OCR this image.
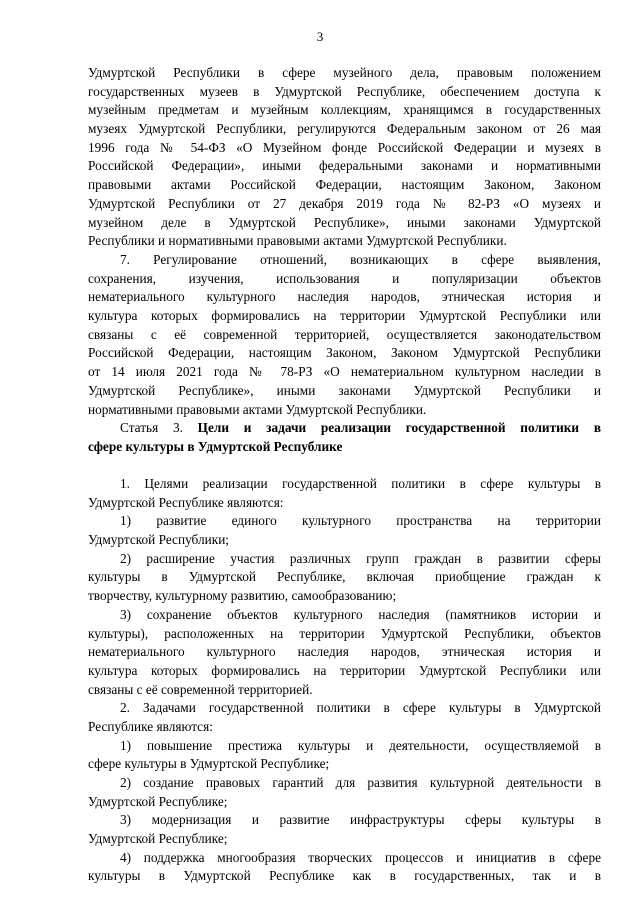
3
Удмуртской Республики в сфере музейного дела, правовым положением
государственных музеев в Удмуртской Республике, обеспечением доступа к
музейным предметам и музейным коллекциям, хранящимся в государственных
музеях Удмуртской Республики, регулируются Федеральным законом от 26 мая
1996 года № 54-ФЗ «О Музейном фонде Российской Федерации и музеях в
Российской Федерации», иными федеральными законами и нормативными
правовыми актами Российской Федерации, настоящим Законом, Законом
Удмуртской Республики от 27 декабря 2019 года № 82-РЗ «О музеях и
музейном деле в Удмуртской Республике», иными законами Удмуртской
Республики и нормативными правовыми актами Удмуртской Республики.
7. Регулирование отношений, возникающих в сфере выявления,
сохранения, изучения, использования и популяризации объектов
нематериального культурного наследия народов, этническая история и
культура которых формировались на территории Удмуртской Республики или
связаны с её современной территорией, осуществляется законодательством
Российской Федерации, настоящим Законом, Законом Удмуртской Республики
от 14 июля 2021 года № 78-РЗ «О нематериальном культурном наследии в
Удмуртской Республике», иными законами Удмуртской Республики и
нормативными правовыми актами Удмуртской Республики.
Статья 3. Цели и задачи реализации государственной политики в
сфере культуры в Удмуртской Республике
1. Целями реализации государственной политики в сфере культуры в
Удмуртской Республике являются:
1) развитие единого культурного пространства на территории
Удмуртской Республики;
2) расширение участия различных групп граждан в развитии сферы
культуры в Удмуртской Республике, включая приобщение граждан к
творчеству, культурному развитию, самообразованию;
3) сохранение объектов культурного наследия (памятников истории и
культуры), расположенных на территории Удмуртской Республики, объектов
нематериального культурного наследия народов, этническая история и
культура которых формировались на территории Удмуртской Республики или
связаны с её современной территорией.
2. Задачами государственной политики в сфере культуры в Удмуртской
Республике являются:
1) повышение престижа культуры и деятельности, осуществляемой в
сфере культуры в Удмуртской Республике;
2) создание правовых гарантий для развития культурной деятельности в
Удмуртской Республике;
3) модернизация и развитие инфраструктуры сферы культуры в
Удмуртской Республике;
4) поддержка многообразия творческих процессов и инициатив в сфере
культуры в Удмуртской Республике как в государственных, так и в
